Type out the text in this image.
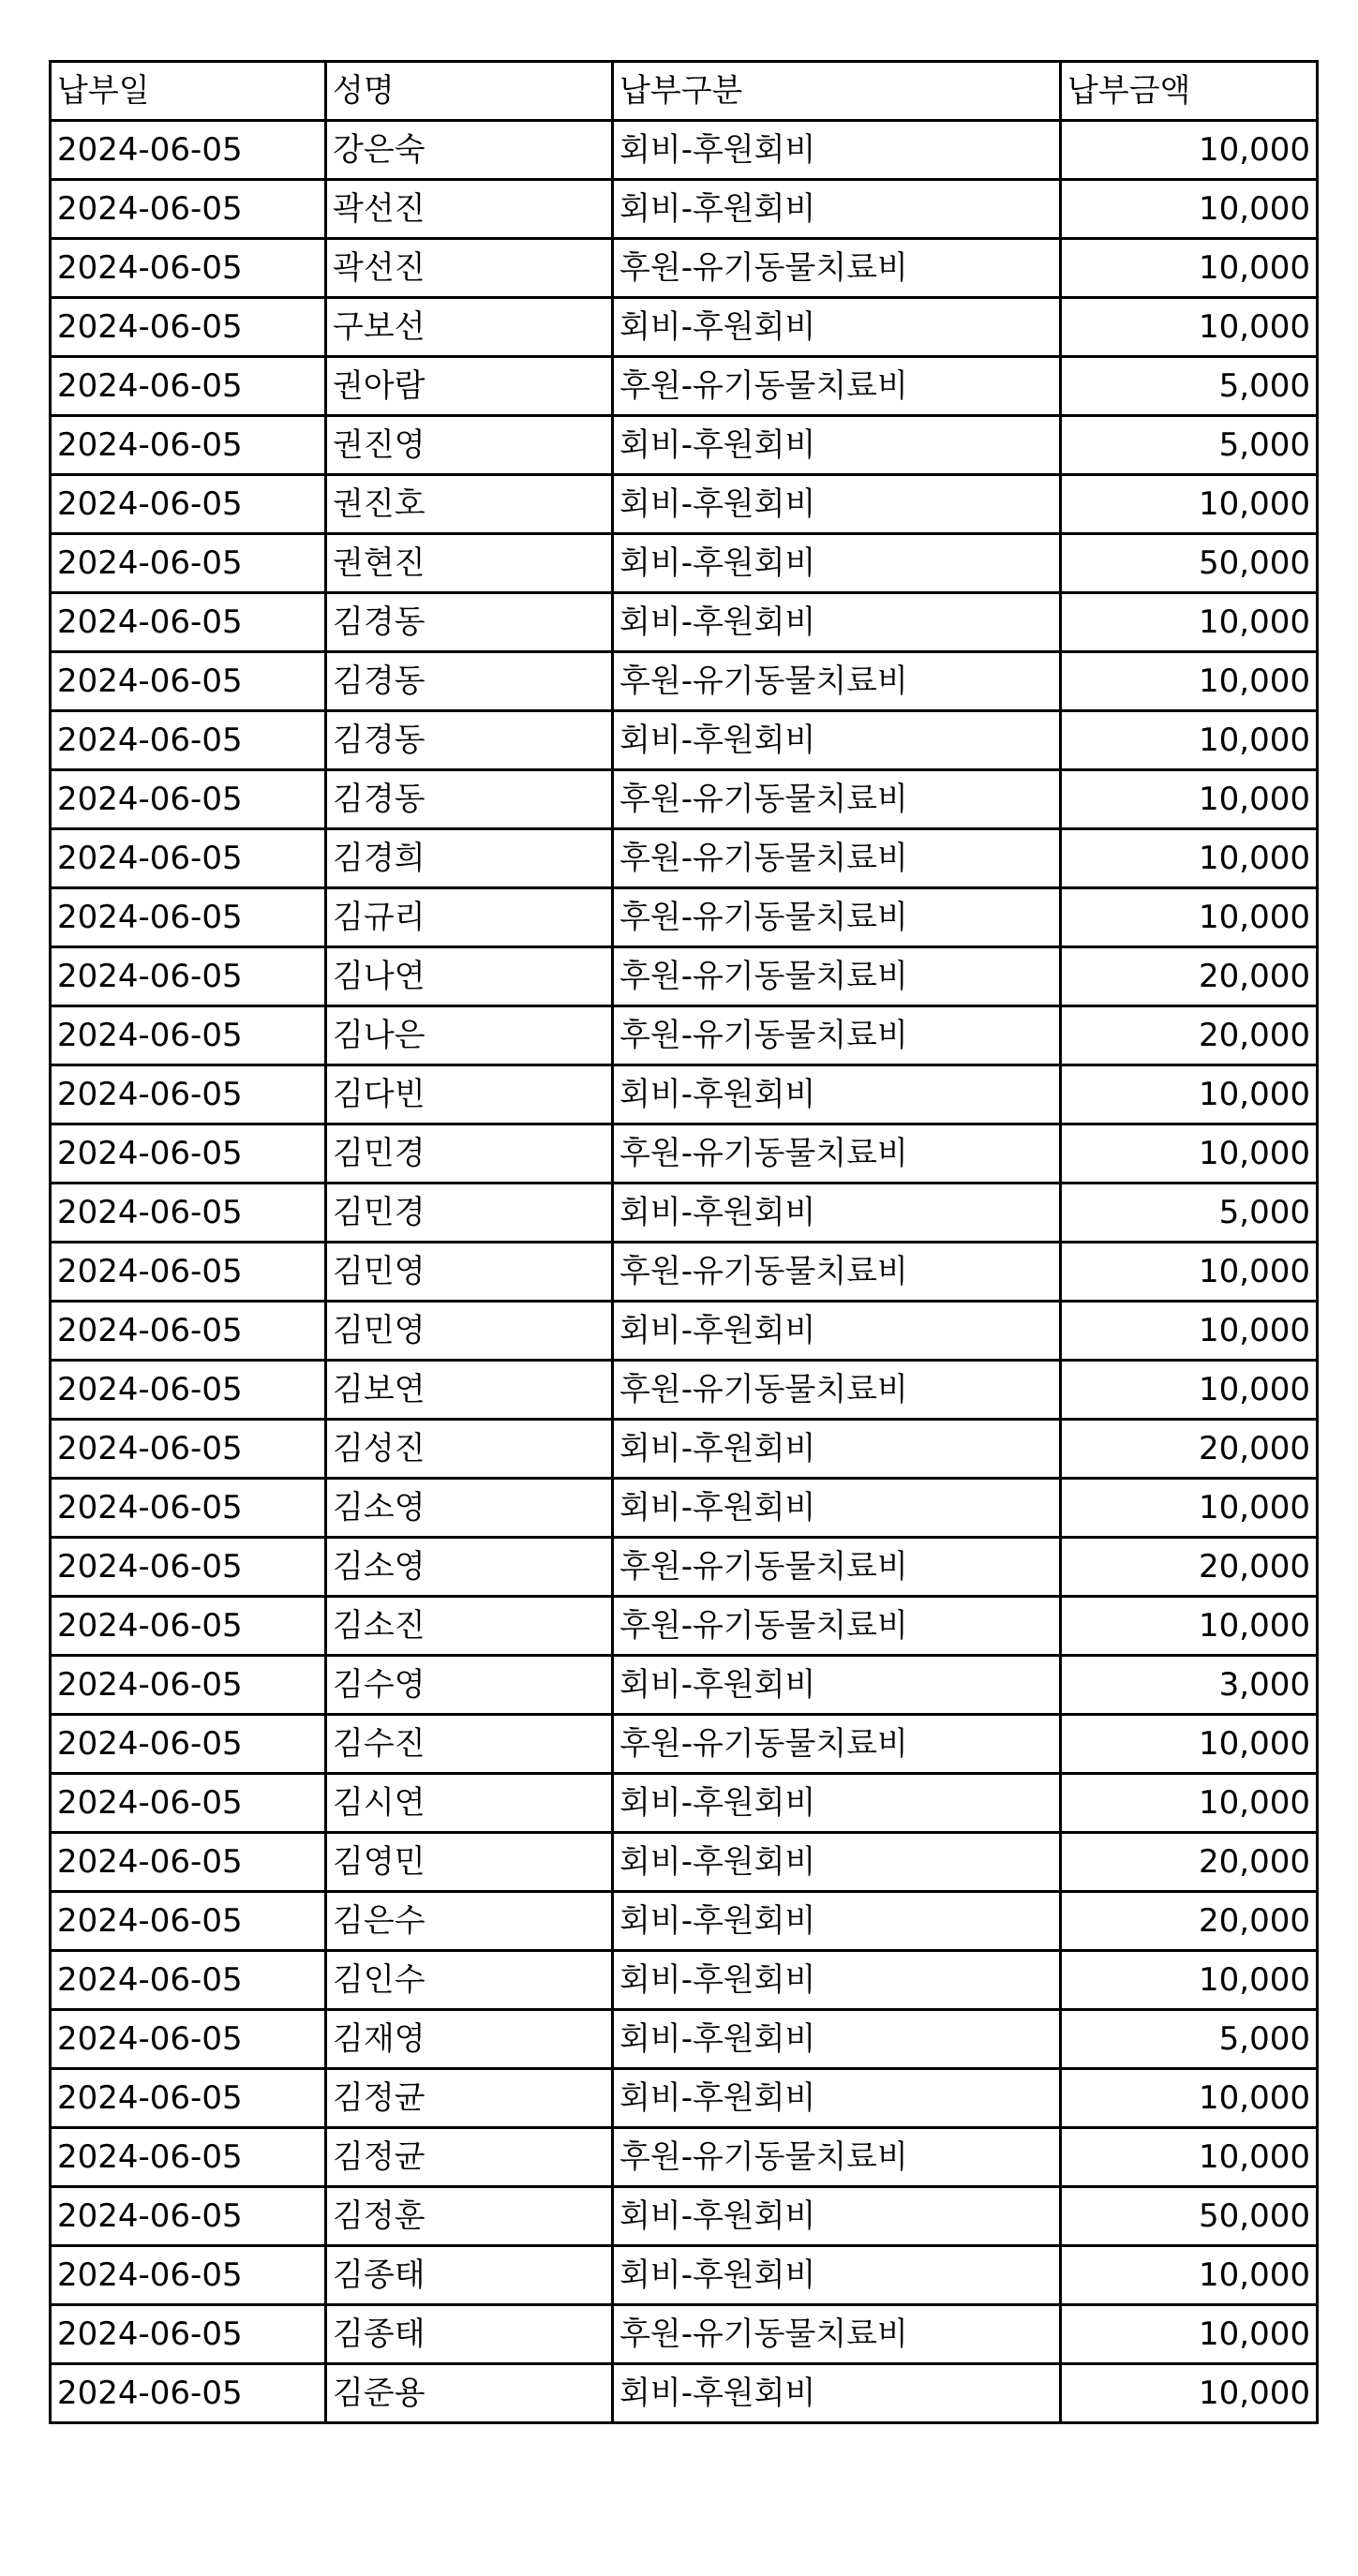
납부일	성명	납부구분	납부금액
2024-06-05	강은숙	회비-후원회비	10,000
2024-06-05	곽선진	회비-후원회비	10,000
2024-06-05	곽선진	후원-유기동물치료비	10,000
2024-06-05	구보선	회비-후원회비	10,000
2024-06-05	권아람	후원-유기동물치료비	5,000
2024-06-05	권진영	회비-후원회비	5,000
2024-06-05	권진호	회비-후원회비	10,000
2024-06-05	권현진	회비-후원회비	50,000
2024-06-05	김경동	회비-후원회비	10,000
2024-06-05	김경동	후원-유기동물치료비	10,000
2024-06-05	김경동	회비-후원회비	10,000
2024-06-05	김경동	후원-유기동물치료비	10,000
2024-06-05	김경희	후원-유기동물치료비	10,000
2024-06-05	김규리	후원-유기동물치료비	10,000
2024-06-05	김나연	후원-유기동물치료비	20,000
2024-06-05	김나은	후원-유기동물치료비	20,000
2024-06-05	김다빈	회비-후원회비	10,000
2024-06-05	김민경	후원-유기동물치료비	10,000
2024-06-05	김민경	회비-후원회비	5,000
2024-06-05	김민영	후원-유기동물치료비	10,000
2024-06-05	김민영	회비-후원회비	10,000
2024-06-05	김보연	후원-유기동물치료비	10,000
2024-06-05	김성진	회비-후원회비	20,000
2024-06-05	김소영	회비-후원회비	10,000
2024-06-05	김소영	후원-유기동물치료비	20,000
2024-06-05	김소진	후원-유기동물치료비	10,000
2024-06-05	김수영	회비-후원회비	3,000
2024-06-05	김수진	후원-유기동물치료비	10,000
2024-06-05	김시연	회비-후원회비	10,000
2024-06-05	김영민	회비-후원회비	20,000
2024-06-05	김은수	회비-후원회비	20,000
2024-06-05	김인수	회비-후원회비	10,000
2024-06-05	김재영	회비-후원회비	5,000
2024-06-05	김정균	회비-후원회비	10,000
2024-06-05	김정균	후원-유기동물치료비	10,000
2024-06-05	김정훈	회비-후원회비	50,000
2024-06-05	김종태	회비-후원회비	10,000
2024-06-05	김종태	후원-유기동물치료비	10,000
2024-06-05	김준용	회비-후원회비	10,000
